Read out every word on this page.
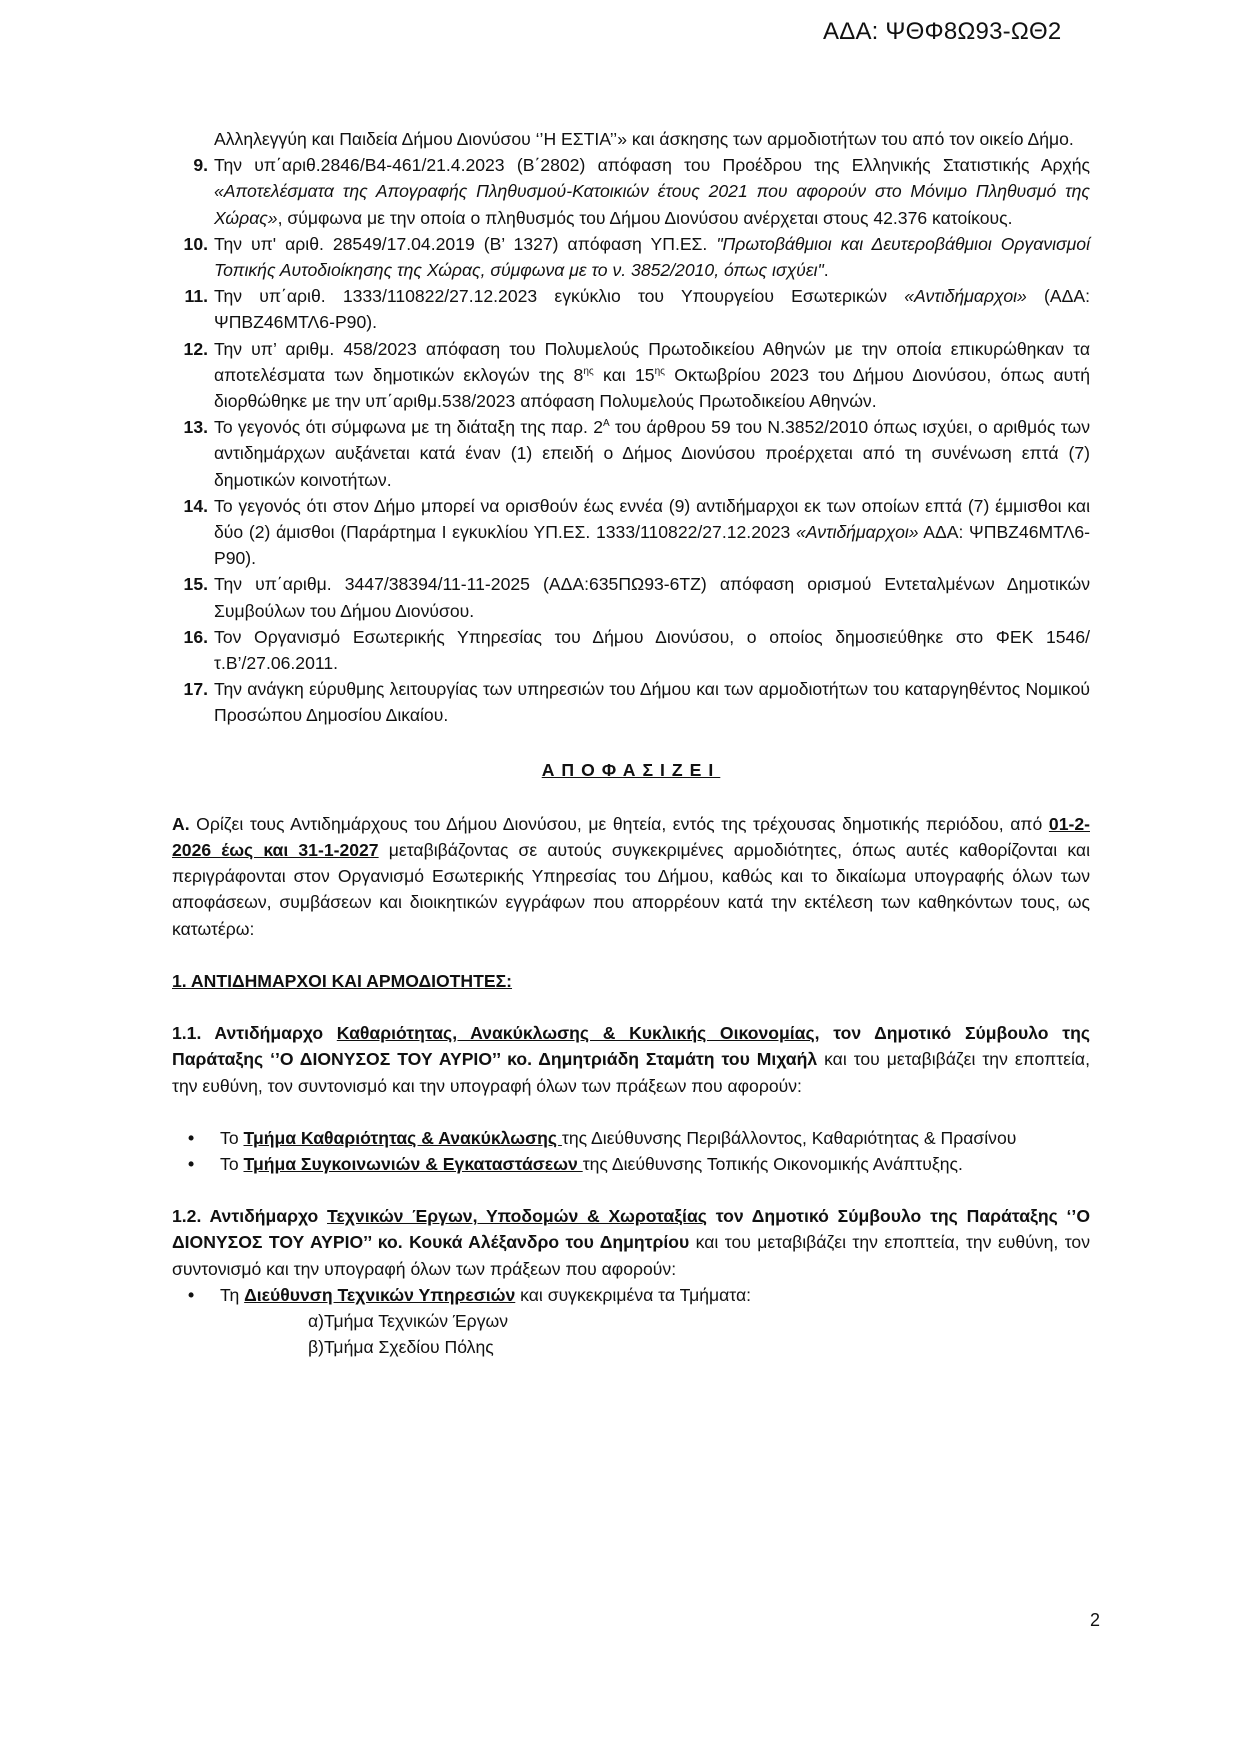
ΑΔΑ: ΨΘΦ8Ω93-ΩΘ2

Αλληλεγγύη και Παιδεία Δήμου Διονύσου ‘’Η ΕΣΤΙΑ’’» και άσκησης των αρμοδιοτήτων του από τον οικείο Δήμο.

9. Την υπ΄αριθ.2846/Β4-461/21.4.2023 (Β΄2802) απόφαση του Προέδρου της Ελληνικής Στατιστικής Αρχής «Αποτελέσματα της Απογραφής Πληθυσμού-Κατοικιών έτους 2021 που αφορούν στο Μόνιμο Πληθυσμό της Χώρας», σύμφωνα με την οποία ο πληθυσμός του Δήμου Διονύσου ανέρχεται στους 42.376 κατοίκους.
10. Την υπ' αριθ. 28549/17.04.2019 (Β’ 1327) απόφαση ΥΠ.ΕΣ. "Πρωτοβάθμιοι και Δευτεροβάθμιοι Οργανισμοί Τοπικής Αυτοδιοίκησης της Χώρας, σύμφωνα με το ν. 3852/2010, όπως ισχύει".
11. Την υπ΄αριθ. 1333/110822/27.12.2023 εγκύκλιο του Υπουργείου Εσωτερικών «Αντιδήμαρχοι» (ΑΔΑ: ΨΠΒΖ46ΜΤΛ6-Ρ90).
12. Την υπ’ αριθμ. 458/2023 απόφαση του Πολυμελούς Πρωτοδικείου Αθηνών με την οποία επικυρώθηκαν τα αποτελέσματα των δημοτικών εκλογών της $8^{\eta\varsigma}$ και $15^{\eta\varsigma}$ Οκτωβρίου 2023 του Δήμου Διονύσου, όπως αυτή διορθώθηκε με την υπ΄αριθμ.538/2023 απόφαση Πολυμελούς Πρωτοδικείου Αθηνών.
13. Το γεγονός ότι σύμφωνα με τη διάταξη της παρ. $2^A$ του άρθρου 59 του Ν.3852/2010 όπως ισχύει, ο αριθμός των αντιδημάρχων αυξάνεται κατά έναν (1) επειδή ο Δήμος Διονύσου προέρχεται από τη συνένωση επτά (7) δημοτικών κοινοτήτων.
14. Το γεγονός ότι στον Δήμο μπορεί να ορισθούν έως εννέα (9) αντιδήμαρχοι εκ των οποίων επτά (7) έμμισθοι και δύο (2) άμισθοι (Παράρτημα Ι εγκυκλίου ΥΠ.ΕΣ. 1333/110822/27.12.2023 «Αντιδήμαρχοι» ΑΔΑ: ΨΠΒΖ46ΜΤΛ6-Ρ90).
15. Την υπ΄αριθμ. 3447/38394/11-11-2025 (ΑΔΑ:635ΠΩ93-6ΤΖ) απόφαση ορισμού Εντεταλμένων Δημοτικών Συμβούλων του Δήμου Διονύσου.
16. Τον Οργανισμό Εσωτερικής Υπηρεσίας του Δήμου Διονύσου, ο οποίος δημοσιεύθηκε στο ΦΕΚ 1546/τ.Β’/27.06.2011.
17. Την ανάγκη εύρυθμης λειτουργίας των υπηρεσιών του Δήμου και των αρμοδιοτήτων του καταργηθέντος Νομικού Προσώπου Δημοσίου Δικαίου.
ΑΠΟΦΑΣΙΖΕΙ

Α. Ορίζει τους Αντιδημάρχους του Δήμου Διονύσου, με θητεία, εντός της τρέχουσας δημοτικής περιόδου, από 01-2-2026 έως και 31-1-2027 μεταβιβάζοντας σε αυτούς συγκεκριμένες αρμοδιότητες, όπως αυτές καθορίζονται και περιγράφονται στον Οργανισμό Εσωτερικής Υπηρεσίας του Δήμου, καθώς και το δικαίωμα υπογραφής όλων των αποφάσεων, συμβάσεων και διοικητικών εγγράφων που απορρέουν κατά την εκτέλεση των καθηκόντων τους, ως κατωτέρω:

1. ΑΝΤΙΔΗΜΑΡΧΟΙ ΚΑΙ ΑΡΜΟΔΙΟΤΗΤΕΣ:

1.1. Αντιδήμαρχο Καθαριότητας, Ανακύκλωσης & Κυκλικής Οικονομίας, τον Δημοτικό Σύμβουλο της Παράταξης ‘’Ο ΔΙΟΝΥΣΟΣ ΤΟΥ ΑΥΡΙΟ’’ κο. Δημητριάδη Σταμάτη του Μιχαήλ και του μεταβιβάζει την εποπτεία, την ευθύνη, τον συντονισμό και την υπογραφή όλων των πράξεων που αφορούν:

•	Το Τμήμα Καθαριότητας & Ανακύκλωσης της Διεύθυνσης Περιβάλλοντος, Καθαριότητας & Πρασίνου
•	Το Τμήμα Συγκοινωνιών & Εγκαταστάσεων της Διεύθυνσης Τοπικής Οικονομικής Ανάπτυξης.

1.2. Αντιδήμαρχο Τεχνικών Έργων, Υποδομών & Χωροταξίας τον Δημοτικό Σύμβουλο της Παράταξης ‘’Ο ΔΙΟΝΥΣΟΣ ΤΟΥ ΑΥΡΙΟ’’ κο. Κουκά Αλέξανδρο του Δημητρίου και του μεταβιβάζει την εποπτεία, την ευθύνη, τον συντονισμό και την υπογραφή όλων των πράξεων που αφορούν:

•	Τη Διεύθυνση Τεχνικών Υπηρεσιών και συγκεκριμένα τα Τμήματα:
α)Τμήμα Τεχνικών Έργων
β)Τμήμα Σχεδίου Πόλης
2
